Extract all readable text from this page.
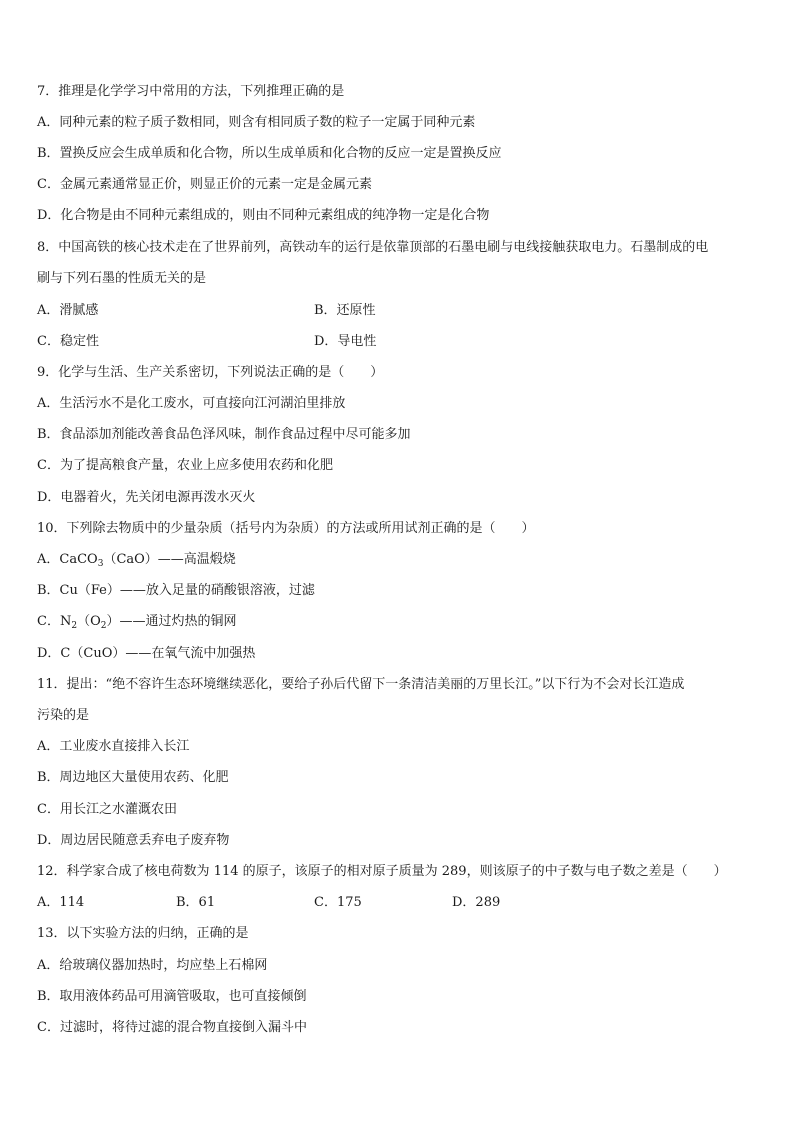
7．推理是化学学习中常用的方法，下列推理正确的是
A．同种元素的粒子质子数相同，则含有相同质子数的粒子一定属于同种元素
B．置换反应会生成单质和化合物，所以生成单质和化合物的反应一定是置换反应
C．金属元素通常显正价，则显正价的元素一定是金属元素
D．化合物是由不同种元素组成的，则由不同种元素组成的纯净物一定是化合物
8．中国高铁的核心技术走在了世界前列，高铁动车的运行是依靠顶部的石墨电刷与电线接触获取电力。石墨制成的电
刷与下列石墨的性质无关的是
A．滑腻感	B．还原性
C．稳定性	D．导电性
9．化学与生活、生产关系密切，下列说法正确的是（　　）
A．生活污水不是化工废水，可直接向江河湖泊里排放
B．食品添加剂能改善食品色泽风味，制作食品过程中尽可能多加
C．为了提高粮食产量，农业上应多使用农药和化肥
D．电器着火，先关闭电源再泼水灭火
10．下列除去物质中的少量杂质（括号内为杂质）的方法或所用试剂正确的是（　　）
A．CaCO$_3$（CaO）——高温煅烧
B．Cu（Fe）——放入足量的硝酸银溶液，过滤
C．$N_2(O_2)——$通过灼热的铜网
D．C（CuO）——在氧气流中加强热
11．提出：“绝不容许生态环境继续恶化，要给子孙后代留下一条清洁美丽的万里长江。”以下行为不会对长江造成
污染的是
A．工业废水直接排入长江
B．周边地区大量使用农药、化肥
C．用长江之水灌溉农田
D．周边居民随意丢弃电子废弃物
12．科学家合成了核电荷数为 114 的原子，该原子的相对原子质量为 289，则该原子的中子数与电子数之差是（　　）
A．114	B．61	C．175	D．289
13．以下实验方法的归纳，正确的是
A．给玻璃仪器加热时，均应垫上石棉网
B．取用液体药品可用滴管吸取，也可直接倾倒
C．过滤时，将待过滤的混合物直接倒入漏斗中
